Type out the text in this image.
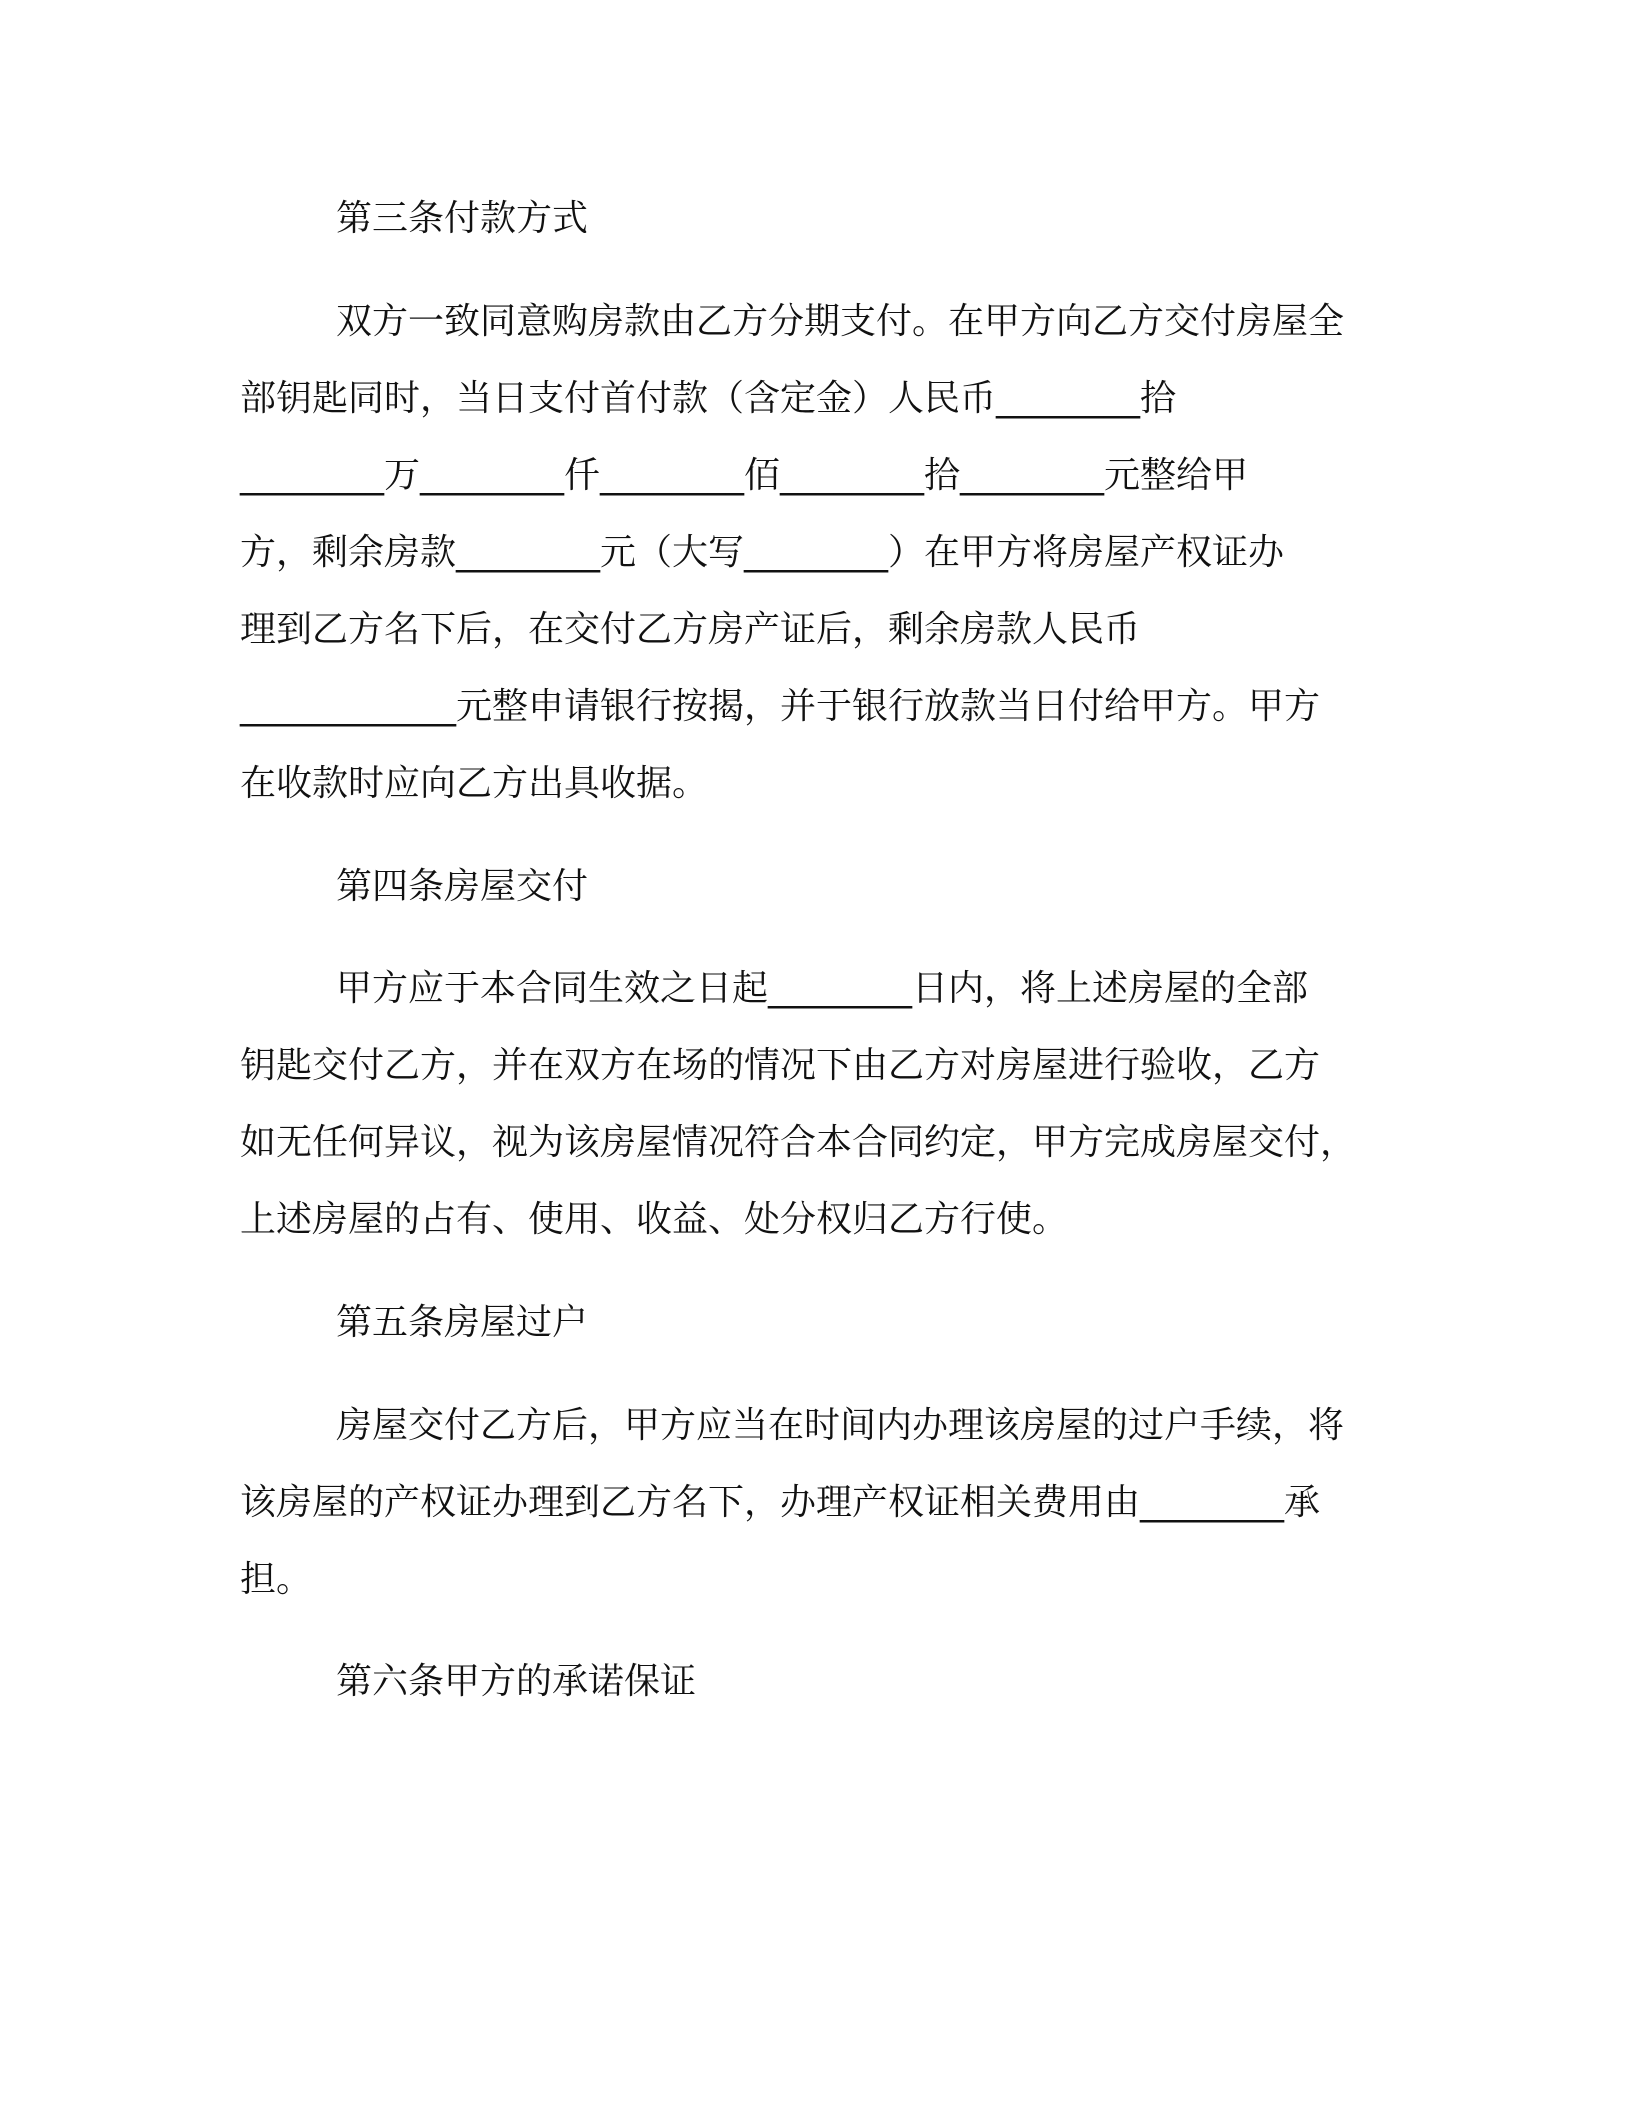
第三条付款方式
双方一致同意购房款由乙方分期支付。在甲方向乙方交付房屋全
部钥匙同时，当日支付首付款（含定金）人民币________拾
________万________仟________佰________拾________元整给甲
方，剩余房款________元（大写________）在甲方将房屋产权证办
理到乙方名下后，在交付乙方房产证后，剩余房款人民币
____________元整申请银行按揭，并于银行放款当日付给甲方。甲方
在收款时应向乙方出具收据。
第四条房屋交付
甲方应于本合同生效之日起________日内，将上述房屋的全部
钥匙交付乙方，并在双方在场的情况下由乙方对房屋进行验收，乙方
如无任何异议，视为该房屋情况符合本合同约定，甲方完成房屋交付，
上述房屋的占有、使用、收益、处分权归乙方行使。
第五条房屋过户
房屋交付乙方后，甲方应当在时间内办理该房屋的过户手续，将
该房屋的产权证办理到乙方名下，办理产权证相关费用由________承
担。
第六条甲方的承诺保证
